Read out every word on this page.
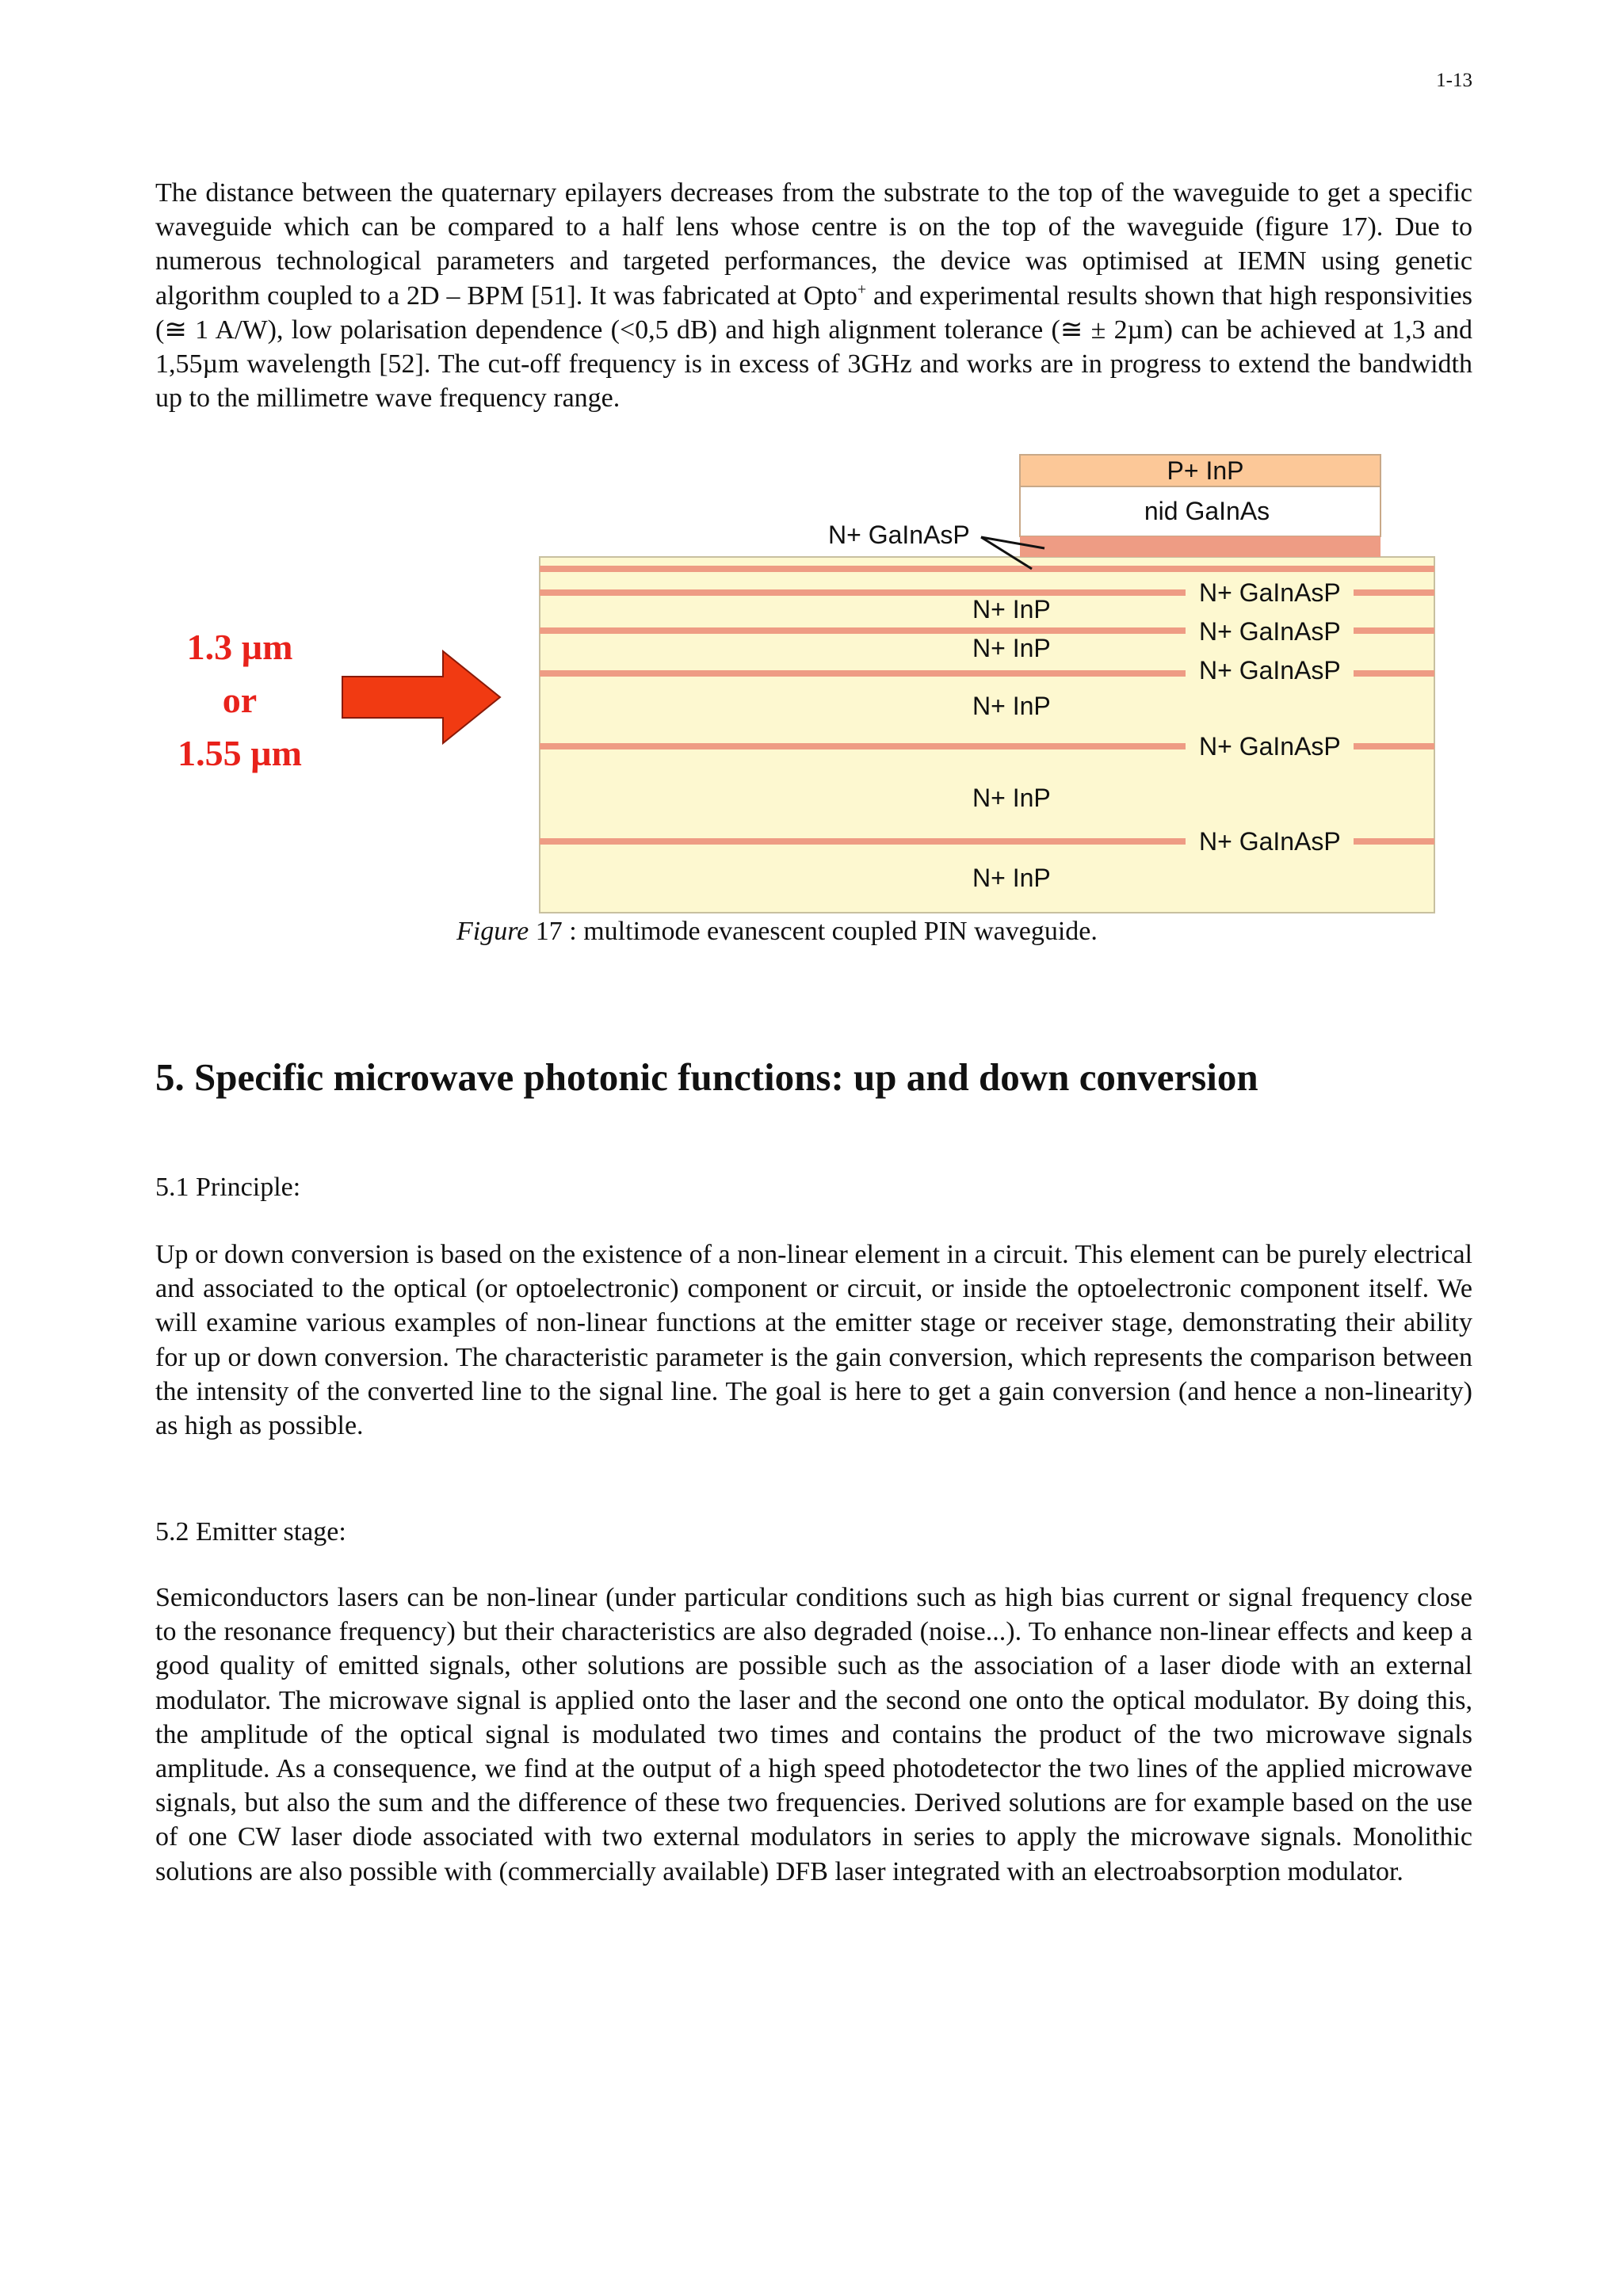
1-13

The distance between the quaternary epilayers decreases from the substrate to the top of the waveguide to get a specific waveguide which can be compared to a half lens whose centre is on the top of the waveguide (figure 17). Due to numerous technological parameters and targeted performances, the device was optimised at IEMN using genetic algorithm coupled to a 2D – BPM [51]. It was fabricated at Opto+ and experimental results shown that high responsivities (≅ 1 A/W), low polarisation dependence (<0,5 dB) and high alignment tolerance (≅ ± 2µm) can be achieved at 1,3 and 1,55µm wavelength [52]. The cut-off frequency is in excess of 3GHz and works are in progress to extend the bandwidth up to the millimetre wave frequency range.

1.3 µm
or
1.55 µm
P+ InP
nid GaInAs
N+ GaInAsP
N+ InP
N+ InP
N+ InP
N+ InP
N+ InP
N+ GaInAsP
N+ GaInAsP
N+ GaInAsP
N+ GaInAsP
N+ GaInAsP
Figure 17 : multimode evanescent coupled PIN waveguide.
5. Specific microwave photonic functions: up and down conversion
5.1 Principle:

Up or down conversion is based on the existence of a non-linear element in a circuit. This element can be purely electrical and associated to the optical (or optoelectronic) component or circuit, or inside the optoelectronic component itself. We will examine various examples of non-linear functions at the emitter stage or receiver stage, demonstrating their ability for up or down conversion. The characteristic parameter is the gain conversion, which represents the comparison between the intensity of the converted line to the signal line. The goal is here to get a gain conversion (and hence a non-linearity) as high as possible.

5.2 Emitter stage:

Semiconductors lasers can be non-linear (under particular conditions such as high bias current or signal frequency close to the resonance frequency) but their characteristics are also degraded (noise...). To enhance non-linear effects and keep a good quality of emitted signals, other solutions are possible such as the association of a laser diode with an external modulator. The microwave signal is applied onto the laser and the second one onto the optical modulator. By doing this, the amplitude of the optical signal is modulated two times and contains the product of the two microwave signals amplitude. As a consequence, we find at the output of a high speed photodetector the two lines of the applied microwave signals, but also the sum and the difference of these two frequencies. Derived solutions are for example based on the use of one CW laser diode associated with two external modulators in series to apply the microwave signals. Monolithic solutions are also possible with (commercially available) DFB laser integrated with an electroabsorption modulator.
